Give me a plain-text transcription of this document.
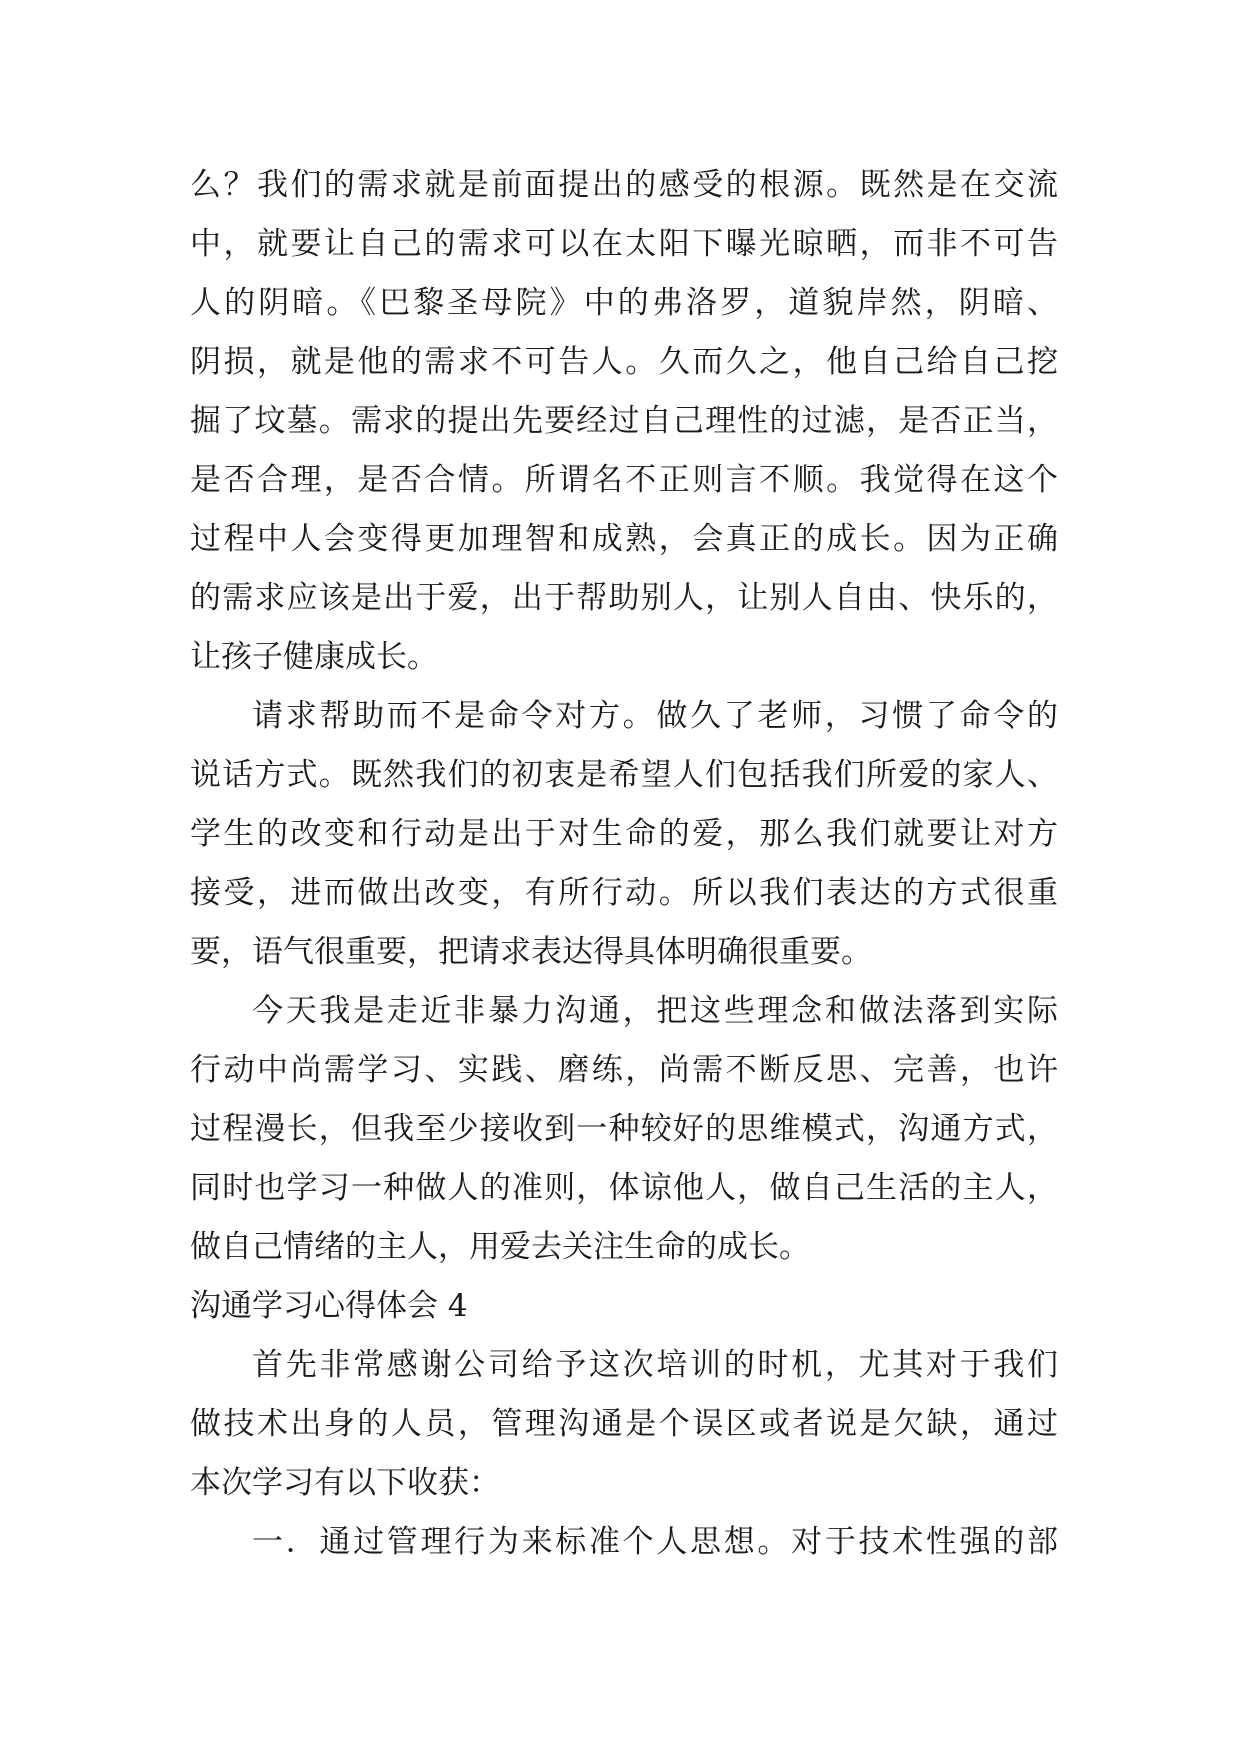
么？我们的需求就是前面提出的感受的根源。既然是在交流
中，就要让自己的需求可以在太阳下曝光晾晒，而非不可告
人的阴暗。《巴黎圣母院》中的弗洛罗，道貌岸然，阴暗、
阴损，就是他的需求不可告人。久而久之，他自己给自己挖
掘了坟墓。需求的提出先要经过自己理性的过滤，是否正当，
是否合理，是否合情。所谓名不正则言不顺。我觉得在这个
过程中人会变得更加理智和成熟，会真正的成长。因为正确
的需求应该是出于爱，出于帮助别人，让别人自由、快乐的，
让孩子健康成长。
请求帮助而不是命令对方。做久了老师，习惯了命令的
说话方式。既然我们的初衷是希望人们包括我们所爱的家人、
学生的改变和行动是出于对生命的爱，那么我们就要让对方
接受，进而做出改变，有所行动。所以我们表达的方式很重
要，语气很重要，把请求表达得具体明确很重要。
今天我是走近非暴力沟通，把这些理念和做法落到实际
行动中尚需学习、实践、磨练，尚需不断反思、完善，也许
过程漫长，但我至少接收到一种较好的思维模式，沟通方式，
同时也学习一种做人的准则，体谅他人，做自己生活的主人，
做自己情绪的主人，用爱去关注生命的成长。
沟通学习心得体会 4
首先非常感谢公司给予这次培训的时机，尤其对于我们
做技术出身的人员，管理沟通是个误区或者说是欠缺，通过
本次学习有以下收获：
一．通过管理行为来标准个人思想。对于技术性强的部
